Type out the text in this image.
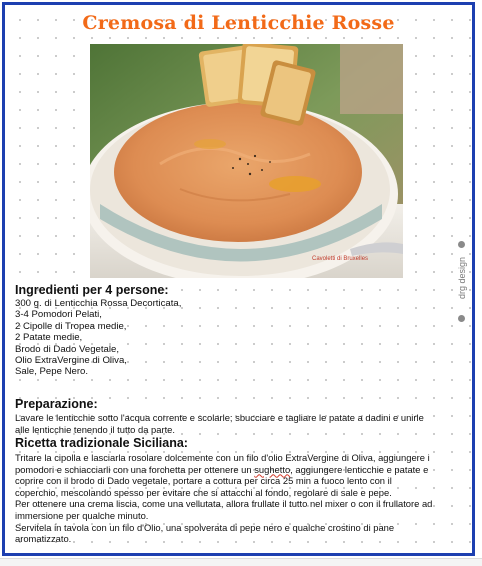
Cremosa di Lenticchie Rosse
Cavoletti di Bruxelles	drg design
Ingredienti per 4 persone:
300 g. di Lenticchia Rossa Decorticata,
3-4 Pomodori Pelati,
2 Cipolle di Tropea medie,
2 Patate medie,
Brodo di Dado Vegetale,
Olio ExtraVergine di Oliva,
Sale, Pepe Nero.
Preparazione:
Lavare le lenticchie sotto l'acqua corrente e scolarle; sbucciare e tagliare le patate a dadini e unirle
alle lenticchie tenendo il tutto da parte.
Ricetta tradizionale Siciliana:
Tritare la cipolla e lasciarla rosolare dolcemente con un filo d'olio ExtraVergine di Oliva, aggiungere i
pomodori e schiacciarli con una forchetta per ottenere un sughetto, aggiungere lenticchie e patate e
coprire con il brodo di Dado vegetale, portare a cottura per circa 25 min a fuoco lento con il
coperchio, mescolando spesso per evitare che si attacchi al fondo, regolare di sale e pepe.
Per ottenere una crema liscia, come una vellutata, allora frullate il tutto nel mixer o con il frullatore ad
immersione per qualche minuto.
Servitela in tavola con un filo d'Olio, una spolverata di pepe nero e qualche crostino di pane
aromatizzato.
